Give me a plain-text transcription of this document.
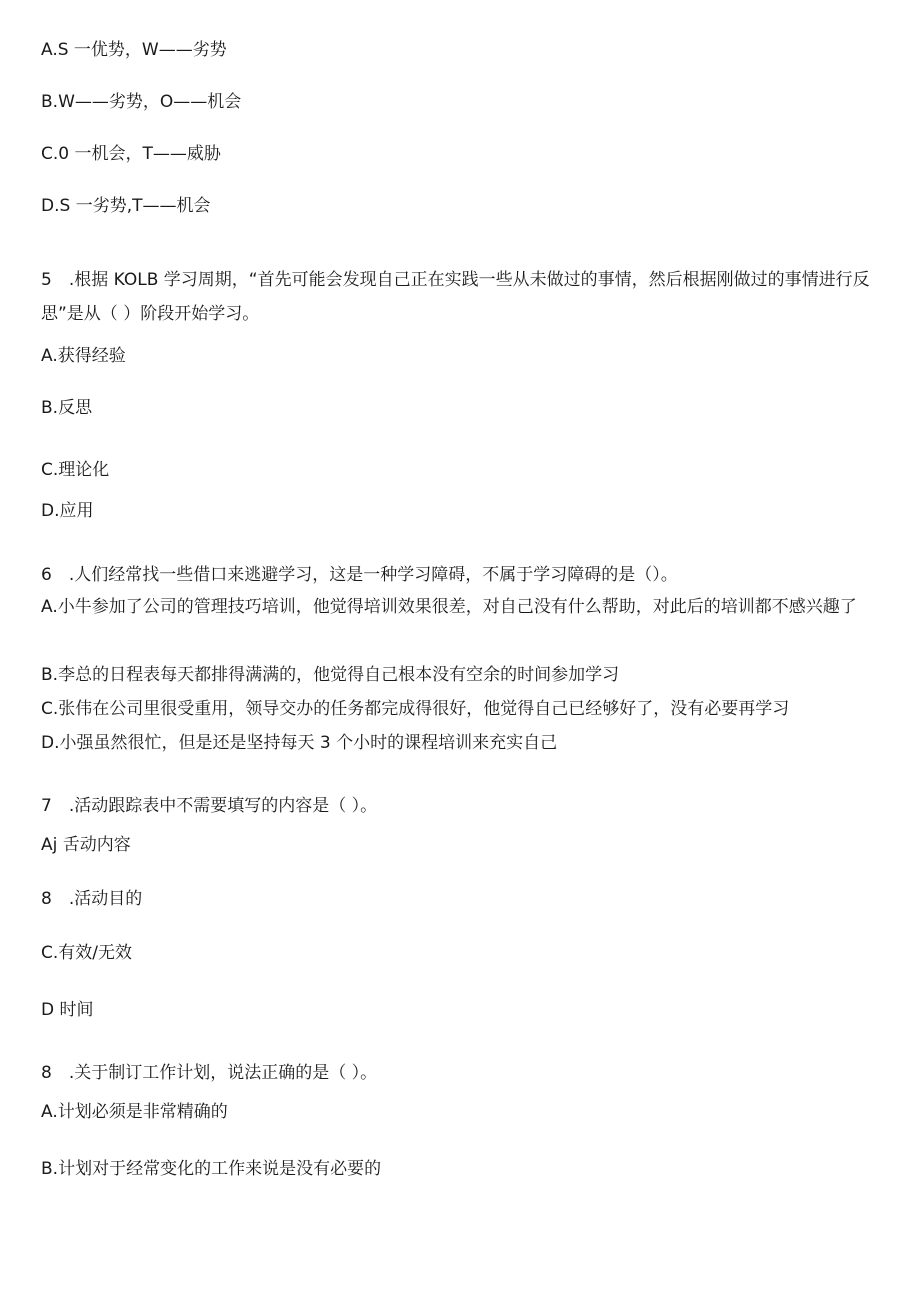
A.S 一优势，W——劣势
B.W——劣势，O——机会
C.0 一机会，T——威胁
D.S 一劣势,T——机会
5　.根据 KOLB 学习周期，“首先可能会发现自己正在实践一些从未做过的事情，然后根据刚做过的事情进行反思”是从（ ）阶段开始学习。
A.获得经验
B.反思
C.理论化
D.应用
6　.人们经常找一些借口来逃避学习，这是一种学习障碍，不属于学习障碍的是（）。
A.小牛参加了公司的管理技巧培训，他觉得培训效果很差，对自己没有什么帮助，对此后的培训都不感兴趣了
B.李总的日程表每天都排得满满的，他觉得自己根本没有空余的时间参加学习
C.张伟在公司里很受重用，领导交办的任务都完成得很好，他觉得自己已经够好了，没有必要再学习
D.小强虽然很忙，但是还是坚持每天 3 个小时的课程培训来充实自己
7　.活动跟踪表中不需要填写的内容是（ ）。
Aj 舌动内容
8　.活动目的
C.有效/无效
D 时间
8　.关于制订工作计划，说法正确的是（ ）。
A.计划必须是非常精确的
B.计划对于经常变化的工作来说是没有必要的
